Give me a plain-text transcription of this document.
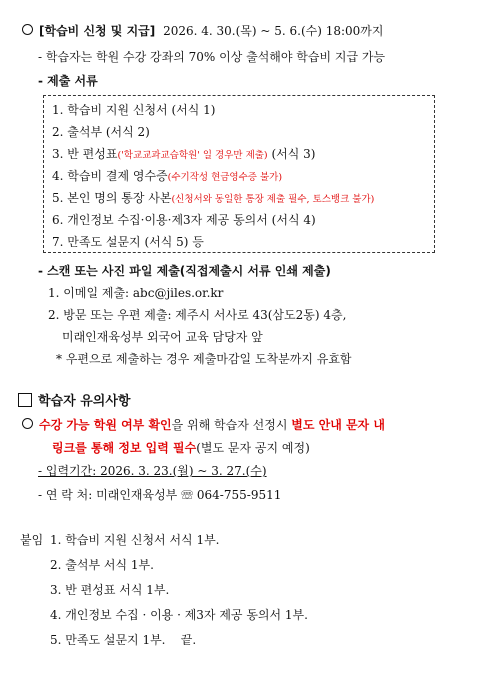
[학습비 신청 및 지급] 2026. 4. 30.(목) ~ 5. 6.(수) 18:00까지
- 학습자는 학원 수강 강좌의 70% 이상 출석해야 학습비 지급 가능
- 제출 서류
1. 학습비 지원 신청서 (서식 1)
2. 출석부 (서식 2)
3. 반 편성표('학교교과교습학원' 일 경우만 제출) (서식 3)
4. 학습비 결제 영수증(수기작성 현금영수증 불가)
5. 본인 명의 통장 사본(신청서와 동일한 통장 제출 필수, 토스뱅크 불가)
6. 개인정보 수집·이용·제3자 제공 동의서 (서식 4)
7. 만족도 설문지 (서식 5) 등
- 스캔 또는 사진 파일 제출(직접제출시 서류 인쇄 제출)
1. 이메일 제출: abc@jiles.or.kr
2. 방문 또는 우편 제출: 제주시 서사로 43(삼도2동) 4층,
미래인재육성부 외국어 교육 담당자 앞
* 우편으로 제출하는 경우 제출마감일 도착분까지 유효함
학습자 유의사항
수강 가능 학원 여부 확인을 위해 학습자 선정시 별도 안내 문자 내
링크를 통해 정보 입력 필수(별도 문자 공지 예정)
- 입력기간: 2026. 3. 23.(월) ~ 3. 27.(수)
- 연 락 처: 미래인재육성부 ☏ 064-755-9511
붙임 1. 학습비 지원 신청서 서식 1부.
2. 출석부 서식 1부.
3. 반 편성표 서식 1부.
4. 개인정보 수집 · 이용 · 제3자 제공 동의서 1부.
5. 만족도 설문지 1부.    끝.
